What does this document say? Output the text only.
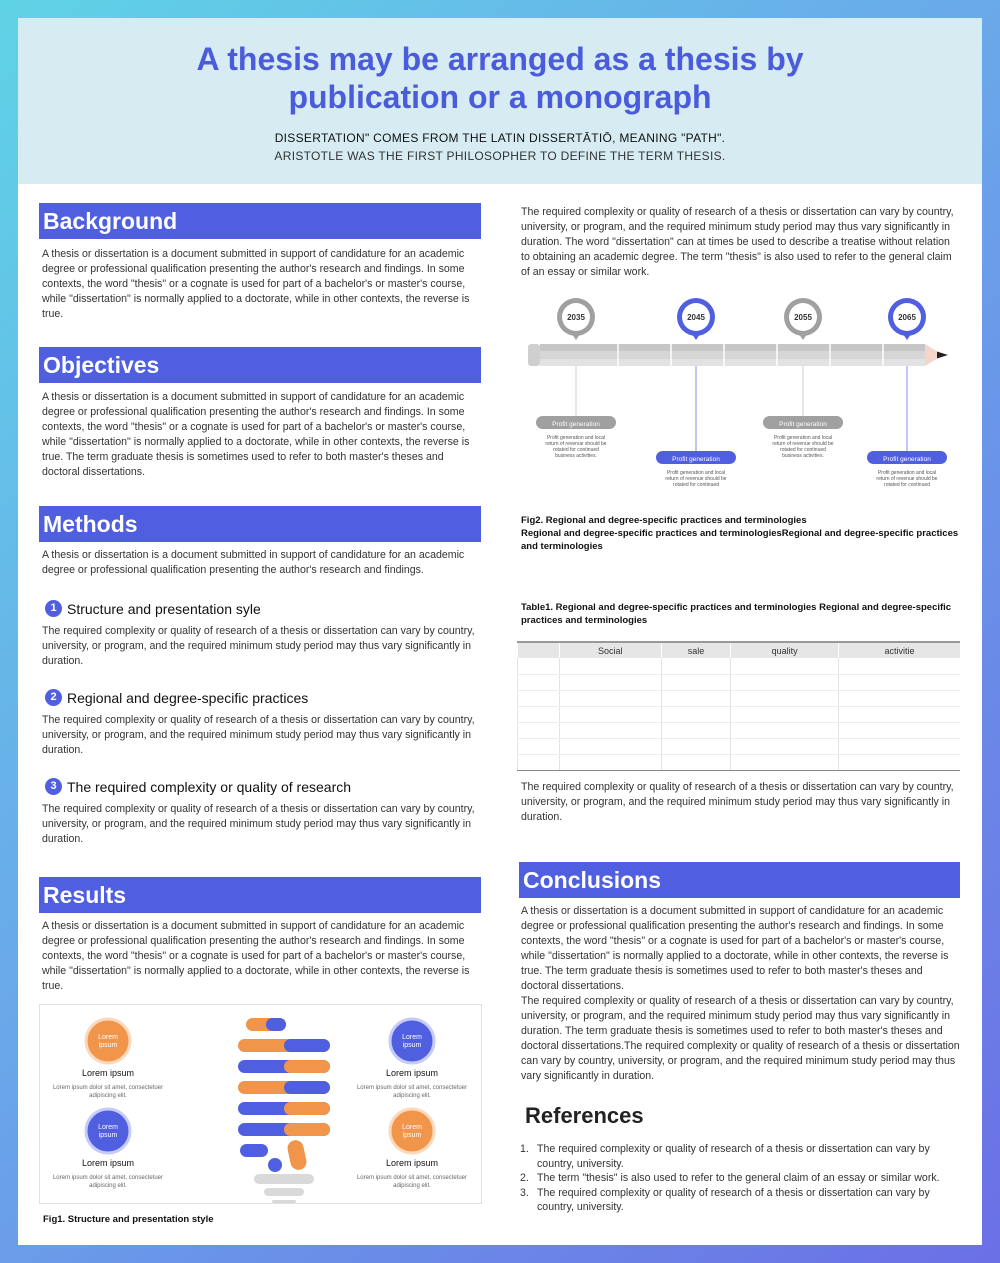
A thesis may be arranged as a thesis by
publication or a monograph
DISSERTATION" COMES FROM THE LATIN DISSERTĀTIŌ, MEANING "PATH".
ARISTOTLE WAS THE FIRST PHILOSOPHER TO DEFINE THE TERM THESIS.
Background
A thesis or dissertation is a document submitted in support of candidature for an academic degree or professional qualification presenting the author's research and findings. In some contexts, the word "thesis" or a cognate is used for part of a bachelor's or master's course, while "dissertation" is normally applied to a doctorate, while in other contexts, the reverse is true.
Objectives
A thesis or dissertation is a document submitted in support of candidature for an academic degree or professional qualification presenting the author's research and findings. In some contexts, the word "thesis" or a cognate is used for part of a bachelor's or master's course, while "dissertation" is normally applied to a doctorate, while in other contexts, the reverse is true. The term graduate thesis is sometimes used to refer to both master's theses and doctoral dissertations.
Methods
A thesis or dissertation is a document submitted in support of candidature for an academic degree or professional qualification presenting the author's research and findings.
1 Structure and presentation syle
The required complexity or quality of research of a thesis or dissertation can vary by country, university, or program, and the required minimum study period may thus vary significantly in duration.
2 Regional and degree-specific practices
The required complexity or quality of research of a thesis or dissertation can vary by country, university, or program, and the required minimum study period may thus vary significantly in duration.
3 The required complexity or quality of research
The required complexity or quality of research of a thesis or dissertation can vary by country, university, or program, and the required minimum study period may thus vary significantly in duration.
Results
A thesis or dissertation is a document submitted in support of candidature for an academic degree or professional qualification presenting the author's research and findings. In some contexts, the word "thesis" or a cognate is used for part of a bachelor's or master's course, while "dissertation" is normally applied to a doctorate, while in other contexts, the reverse is true.
Lorem ipsum
Lorem ipsum
Lorem ipsum dolor sit amet, consectetuer
adipiscing elit.
Lorem ipsum
Lorem ipsum
Lorem ipsum dolor sit amet, consectetuer
adipiscing elit.
Lorem ipsum
Lorem ipsum
Lorem ipsum dolor sit amet, consectetuer
adipiscing elit.
Lorem ipsum
Lorem ipsum
Lorem ipsum dolor sit amet, consectetuer
adipiscing elit.
Fig1. Structure and presentation style
The required complexity or quality of research of a thesis or dissertation can vary by country, university, or program, and the required minimum study period may thus vary significantly in duration. The word "dissertation" can at times be used to describe a treatise without relation to obtaining an academic degree. The term "thesis" is also used to refer to the general claim of an essay or similar work.
2035
Profit generation
Profit generation and local
return of revenue should be
rotated for continued
business activities.
2045
Profit generation
Profit generation and local
return of revenue should be
rotated for continued
2055
Profit generation
Profit generation and local
return of revenue should be
rotated for continued
business activities.
2065
Profit generation
Profit generation and local
return of revenue should be
rotated for continued
Fig2. Regional and degree-specific practices and terminologies
Regional and degree-specific practices and terminologiesRegional and degree-specific practices and terminologies
Table1. Regional and degree-specific practices and terminologies Regional and degree-specific practices and terminologies
	Social	sale	quality	activitie

The required complexity or quality of research of a thesis or dissertation can vary by country, university, or program, and the required minimum study period may thus vary significantly in duration.
Conclusions
A thesis or dissertation is a document submitted in support of candidature for an academic degree or professional qualification presenting the author's research and findings. In some contexts, the word "thesis" or a cognate is used for part of a bachelor's or master's course, while "dissertation" is normally applied to a doctorate, while in other contexts, the reverse is true. The term graduate thesis is sometimes used to refer to both master's theses and doctoral dissertations.
The required complexity or quality of research of a thesis or dissertation can vary by country, university, or program, and the required minimum study period may thus vary significantly in duration. The term graduate thesis is sometimes used to refer to both master's theses and doctoral dissertations.The required complexity or quality of research of a thesis or dissertation can vary by country, university, or program, and the required minimum study period may thus vary significantly in duration.
References
1. The required complexity or quality of research of a thesis or dissertation can vary by country, university.
2. The term "thesis" is also used to refer to the general claim of an essay or similar work.
3. The required complexity or quality of research of a thesis or dissertation can vary by country, university.
